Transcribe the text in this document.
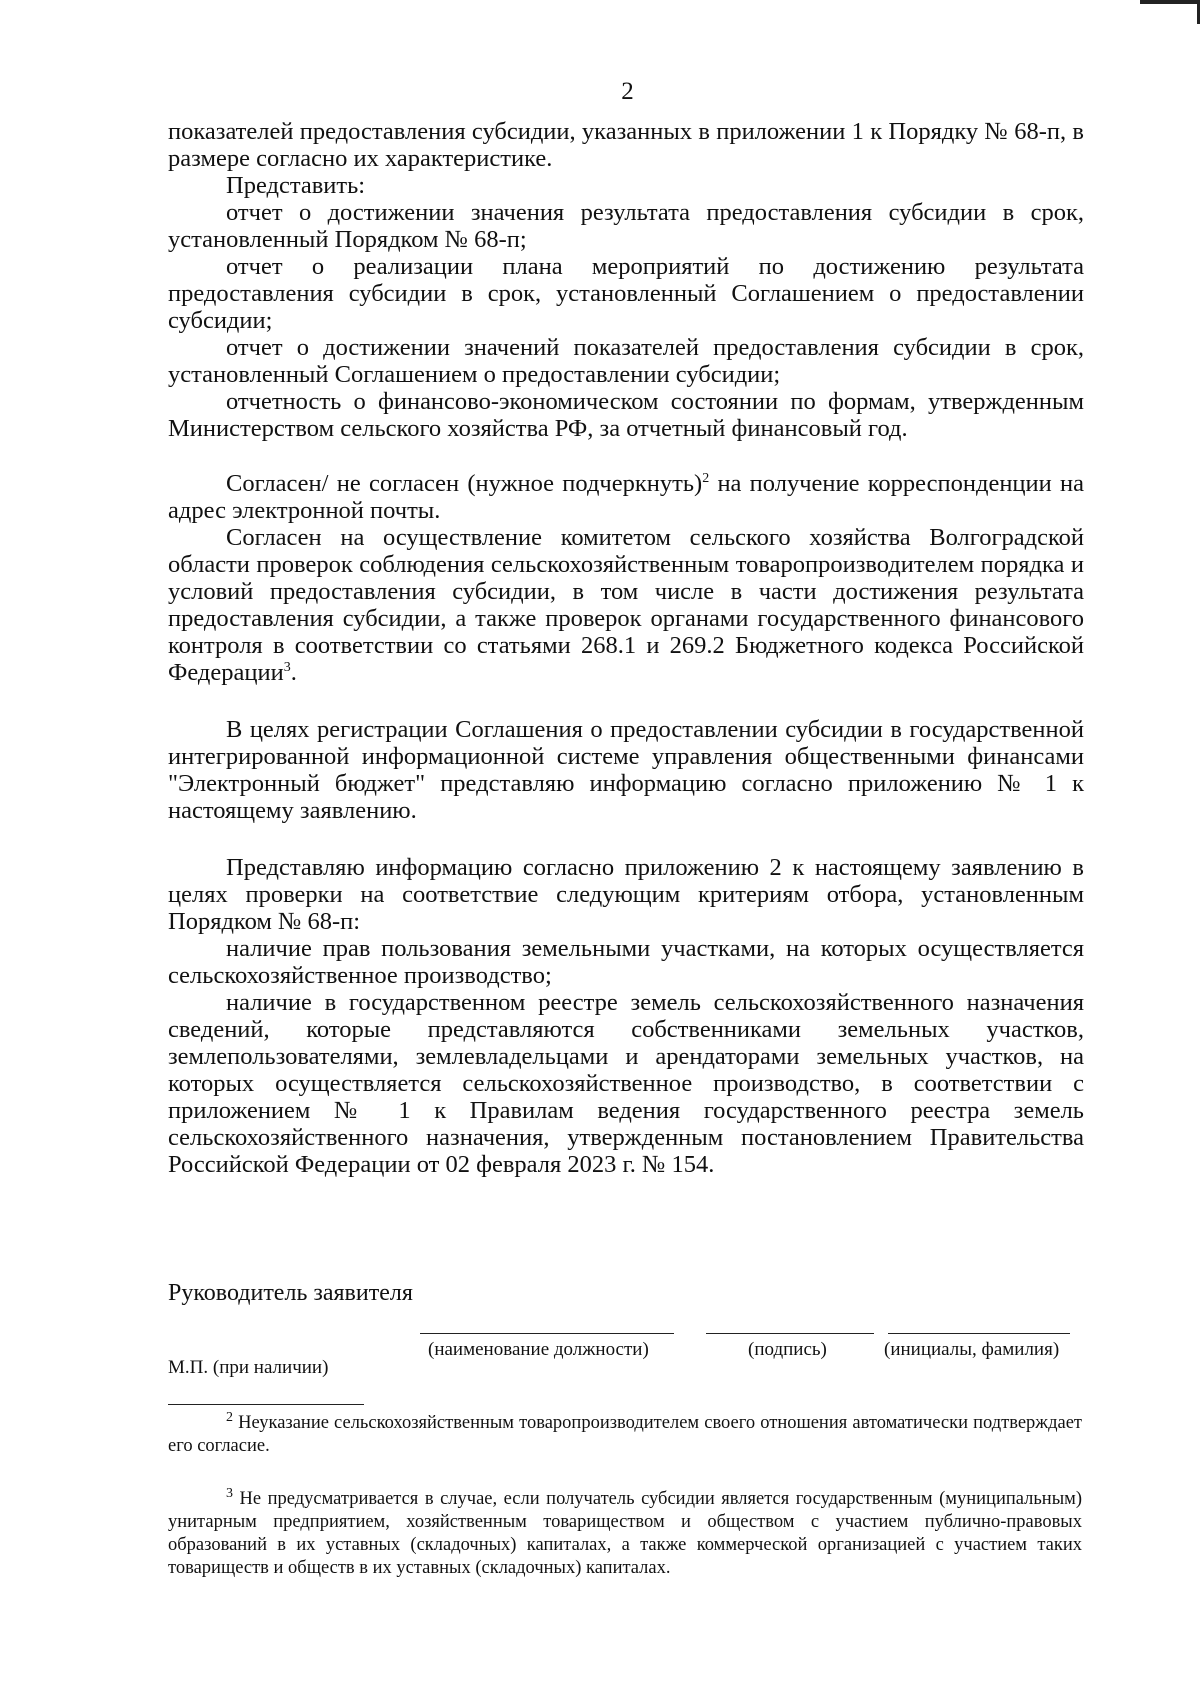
2

показателей предоставления субсидии, указанных в приложении 1 к Порядку № 68-п, в размере согласно их характеристике.

Представить:

отчет о достижении значения результата предоставления субсидии в срок, установленный Порядком № 68-п;

отчет о реализации плана мероприятий по достижению результата предоставления субсидии в срок, установленный Соглашением о предоставлении субсидии;

отчет о достижении значений показателей предоставления субсидии в срок, установленный Соглашением о предоставлении субсидии;

отчетность о финансово-экономическом состоянии по формам, утвержденным Министерством сельского хозяйства РФ, за отчетный финансовый год.

Согласен/ не согласен (нужное подчеркнуть)$^2$ на получение корреспонденции на адрес электронной почты.

Согласен на осуществление комитетом сельского хозяйства Волгоградской области проверок соблюдения сельскохозяйственным товаропроизводителем порядка и условий предоставления субсидии, в том числе в части достижения результата предоставления субсидии, а также проверок органами государственного финансового контроля в соответствии со статьями 268.1 и 269.2 Бюджетного кодекса Российской Федерации$^3$.

В целях регистрации Соглашения о предоставлении субсидии в государственной интегрированной информационной системе управления общественными финансами "Электронный бюджет" представляю информацию согласно приложению № 1 к настоящему заявлению.

Представляю информацию согласно приложению 2 к настоящему заявлению в целях проверки на соответствие следующим критериям отбора, установленным Порядком № 68-п:

наличие прав пользования земельными участками, на которых осуществляется сельскохозяйственное производство;

наличие в государственном реестре земель сельскохозяйственного назначения сведений, которые представляются собственниками земельных участков, землепользователями, землевладельцами и арендаторами земельных участков, на которых осуществляется сельскохозяйственное производство, в соответствии с приложением № 1 к Правилам ведения государственного реестра земель сельскохозяйственного назначения, утвержденным постановлением Правительства Российской Федерации от 02 февраля 2023 г. № 154.

Руководитель заявителя
(наименование должности)	(подпись)	(инициалы, фамилия)
М.П. (при наличии)

$^2$ Неуказание сельскохозяйственным товаропроизводителем своего отношения автоматически подтверждает его согласие.

$^3$ Не предусматривается в случае, если получатель субсидии является государственным (муниципальным) унитарным предприятием, хозяйственным товариществом и обществом с участием публично-правовых образований в их уставных (складочных) капиталах, а также коммерческой организацией с участием таких товариществ и обществ в их уставных (складочных) капиталах.
